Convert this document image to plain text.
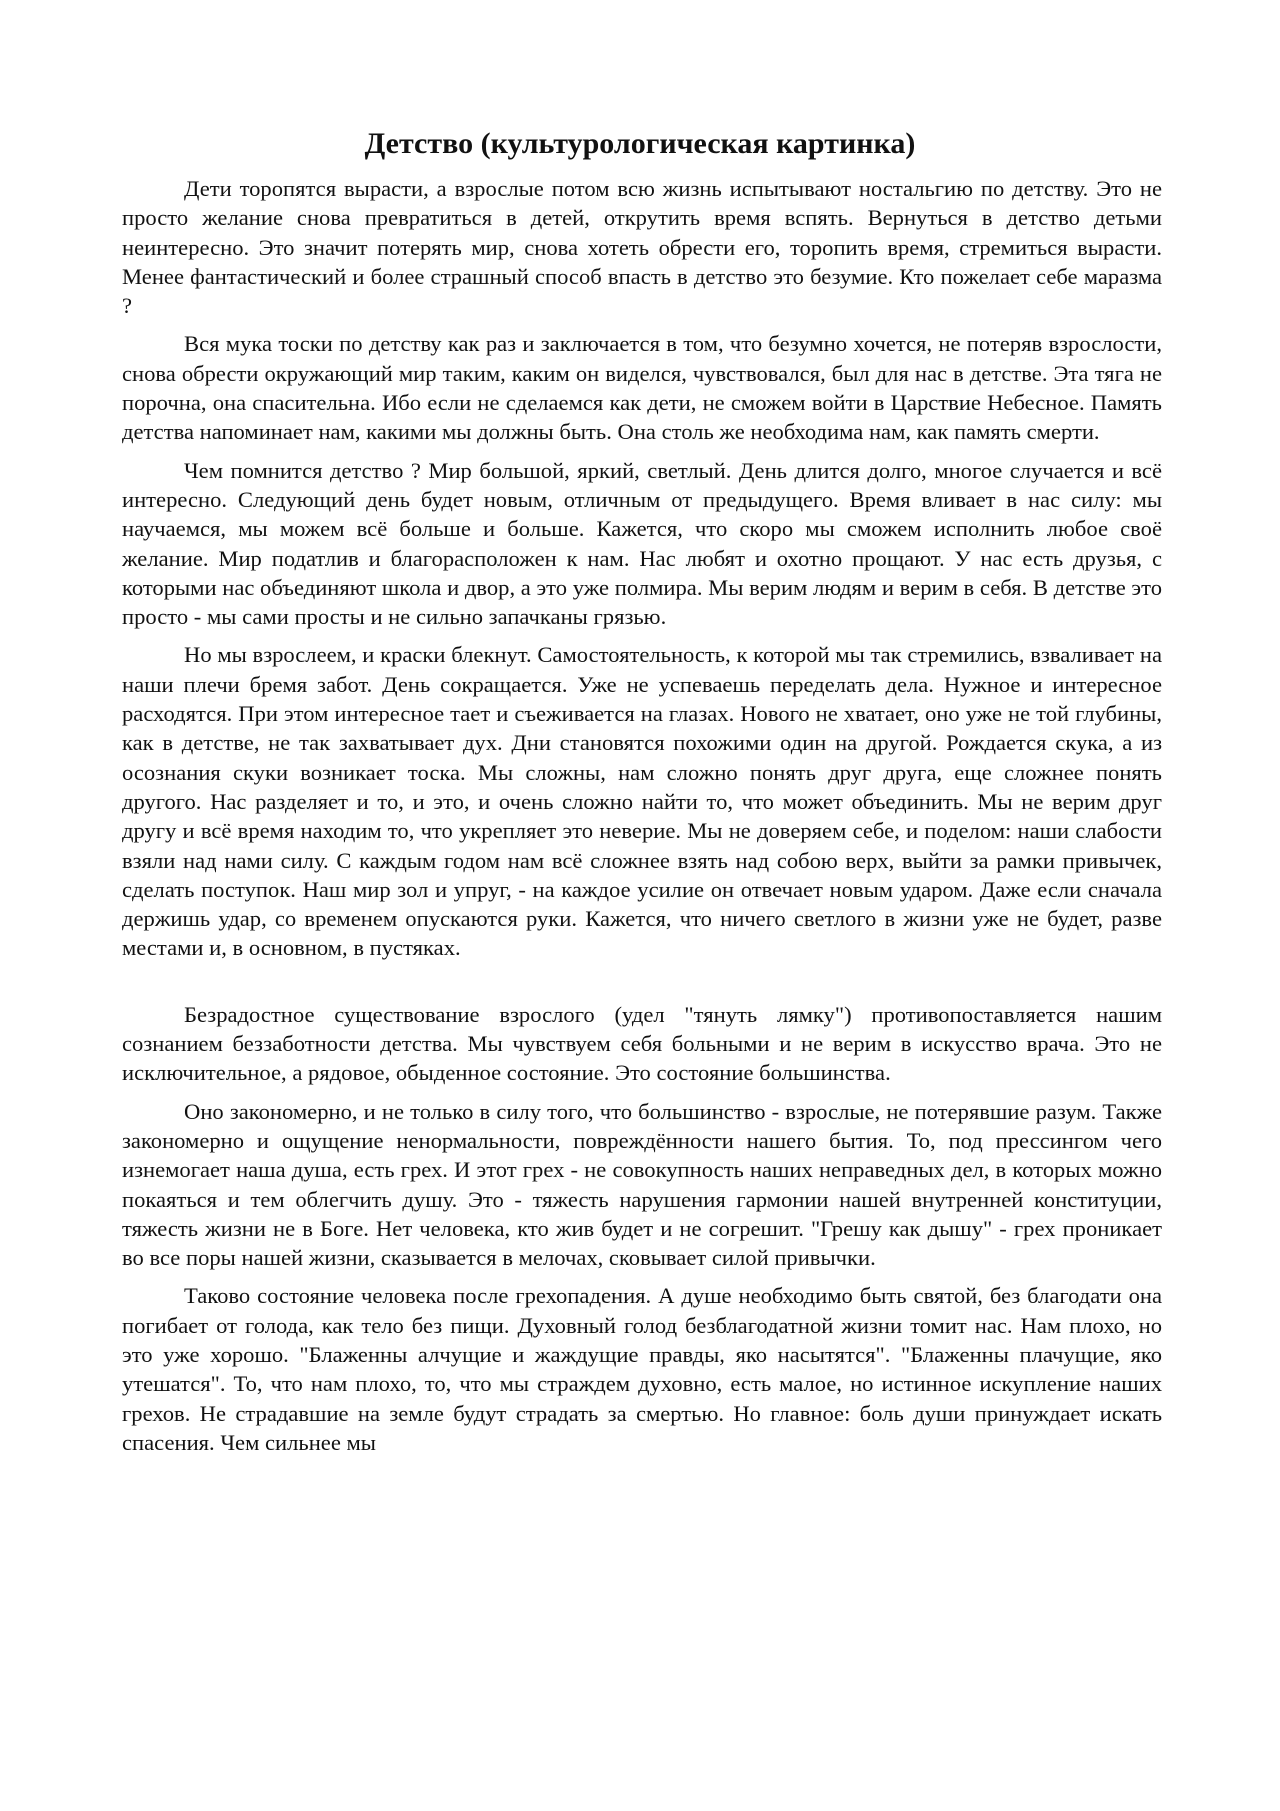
Детство (культурологическая картинка)

Дети торопятся вырасти, а взрослые потом всю жизнь испытывают ностальгию по детству. Это не просто желание снова превратиться в детей, открутить время вспять. Вернуться в детство детьми неинтересно. Это значит потерять мир, снова хотеть обрести его, торопить время, стремиться вырасти. Менее фантастический и более страшный способ впасть в детство это безумие. Кто пожелает себе маразма ?

Вся мука тоски по детству как раз и заключается в том, что безумно хочется, не потеряв взрослости, снова обрести окружающий мир таким, каким он виделся, чувствовался, был для нас в детстве. Эта тяга не порочна, она спасительна. Ибо если не сделаемся как дети, не сможем войти в Царствие Небесное. Память детства напоминает нам, какими мы должны быть. Она столь же необходима нам, как память смерти.

Чем помнится детство ? Мир большой, яркий, светлый. День длится долго, многое случается и всё интересно. Следующий день будет новым, отличным от предыдущего. Время вливает в нас силу: мы научаемся, мы можем всё больше и больше. Кажется, что скоро мы сможем исполнить любое своё желание. Мир податлив и благорасположен к нам. Нас любят и охотно прощают. У нас есть друзья, с которыми нас объединяют школа и двор, а это уже полмира. Мы верим людям и верим в себя. В детстве это просто - мы сами просты и не сильно запачканы грязью.

Но мы взрослеем, и краски блекнут. Самостоятельность, к которой мы так стремились, взваливает на наши плечи бремя забот. День сокращается. Уже не успеваешь переделать дела. Нужное и интересное расходятся. При этом интересное тает и съеживается на глазах. Нового не хватает, оно уже не той глубины, как в детстве, не так захватывает дух. Дни становятся похожими один на другой. Рождается скука, а из осознания скуки возникает тоска. Мы сложны, нам сложно понять друг друга, еще сложнее понять другого. Нас разделяет и то, и это, и очень сложно найти то, что может объединить. Мы не верим друг другу и всё время находим то, что укрепляет это неверие. Мы не доверяем себе, и поделом: наши слабости взяли над нами силу. С каждым годом нам всё сложнее взять над собою верх, выйти за рамки привычек, сделать поступок. Наш мир зол и упруг, - на каждое усилие он отвечает новым ударом. Даже если сначала держишь удар, со временем опускаются руки. Кажется, что ничего светлого в жизни уже не будет, разве местами и, в основном, в пустяках.

Безрадостное существование взрослого (удел "тянуть лямку") противопоставляется нашим сознанием беззаботности детства. Мы чувствуем себя больными и не верим в искусство врача. Это не исключительное, а рядовое, обыденное состояние. Это состояние большинства.

Оно закономерно, и не только в силу того, что большинство - взрослые, не потерявшие разум. Также закономерно и ощущение ненормальности, повреждённости нашего бытия. То, под прессингом чего изнемогает наша душа, есть грех. И этот грех - не совокупность наших неправедных дел, в которых можно покаяться и тем облегчить душу. Это - тяжесть нарушения гармонии нашей внутренней конституции, тяжесть жизни не в Боге. Нет человека, кто жив будет и не согрешит. "Грешу как дышу" - грех проникает во все поры нашей жизни, сказывается в мелочах, сковывает силой привычки.

Таково состояние человека после грехопадения. А душе необходимо быть святой, без благодати она погибает от голода, как тело без пищи. Духовный голод безблагодатной жизни томит нас. Нам плохо, но это уже хорошо. "Блаженны алчущие и жаждущие правды, яко насытятся". "Блаженны плачущие, яко утешатся". То, что нам плохо, то, что мы страждем духовно, есть малое, но истинное искупление наших грехов. Не страдавшие на земле будут страдать за смертью. Но главное: боль души принуждает искать спасения. Чем сильнее мы
